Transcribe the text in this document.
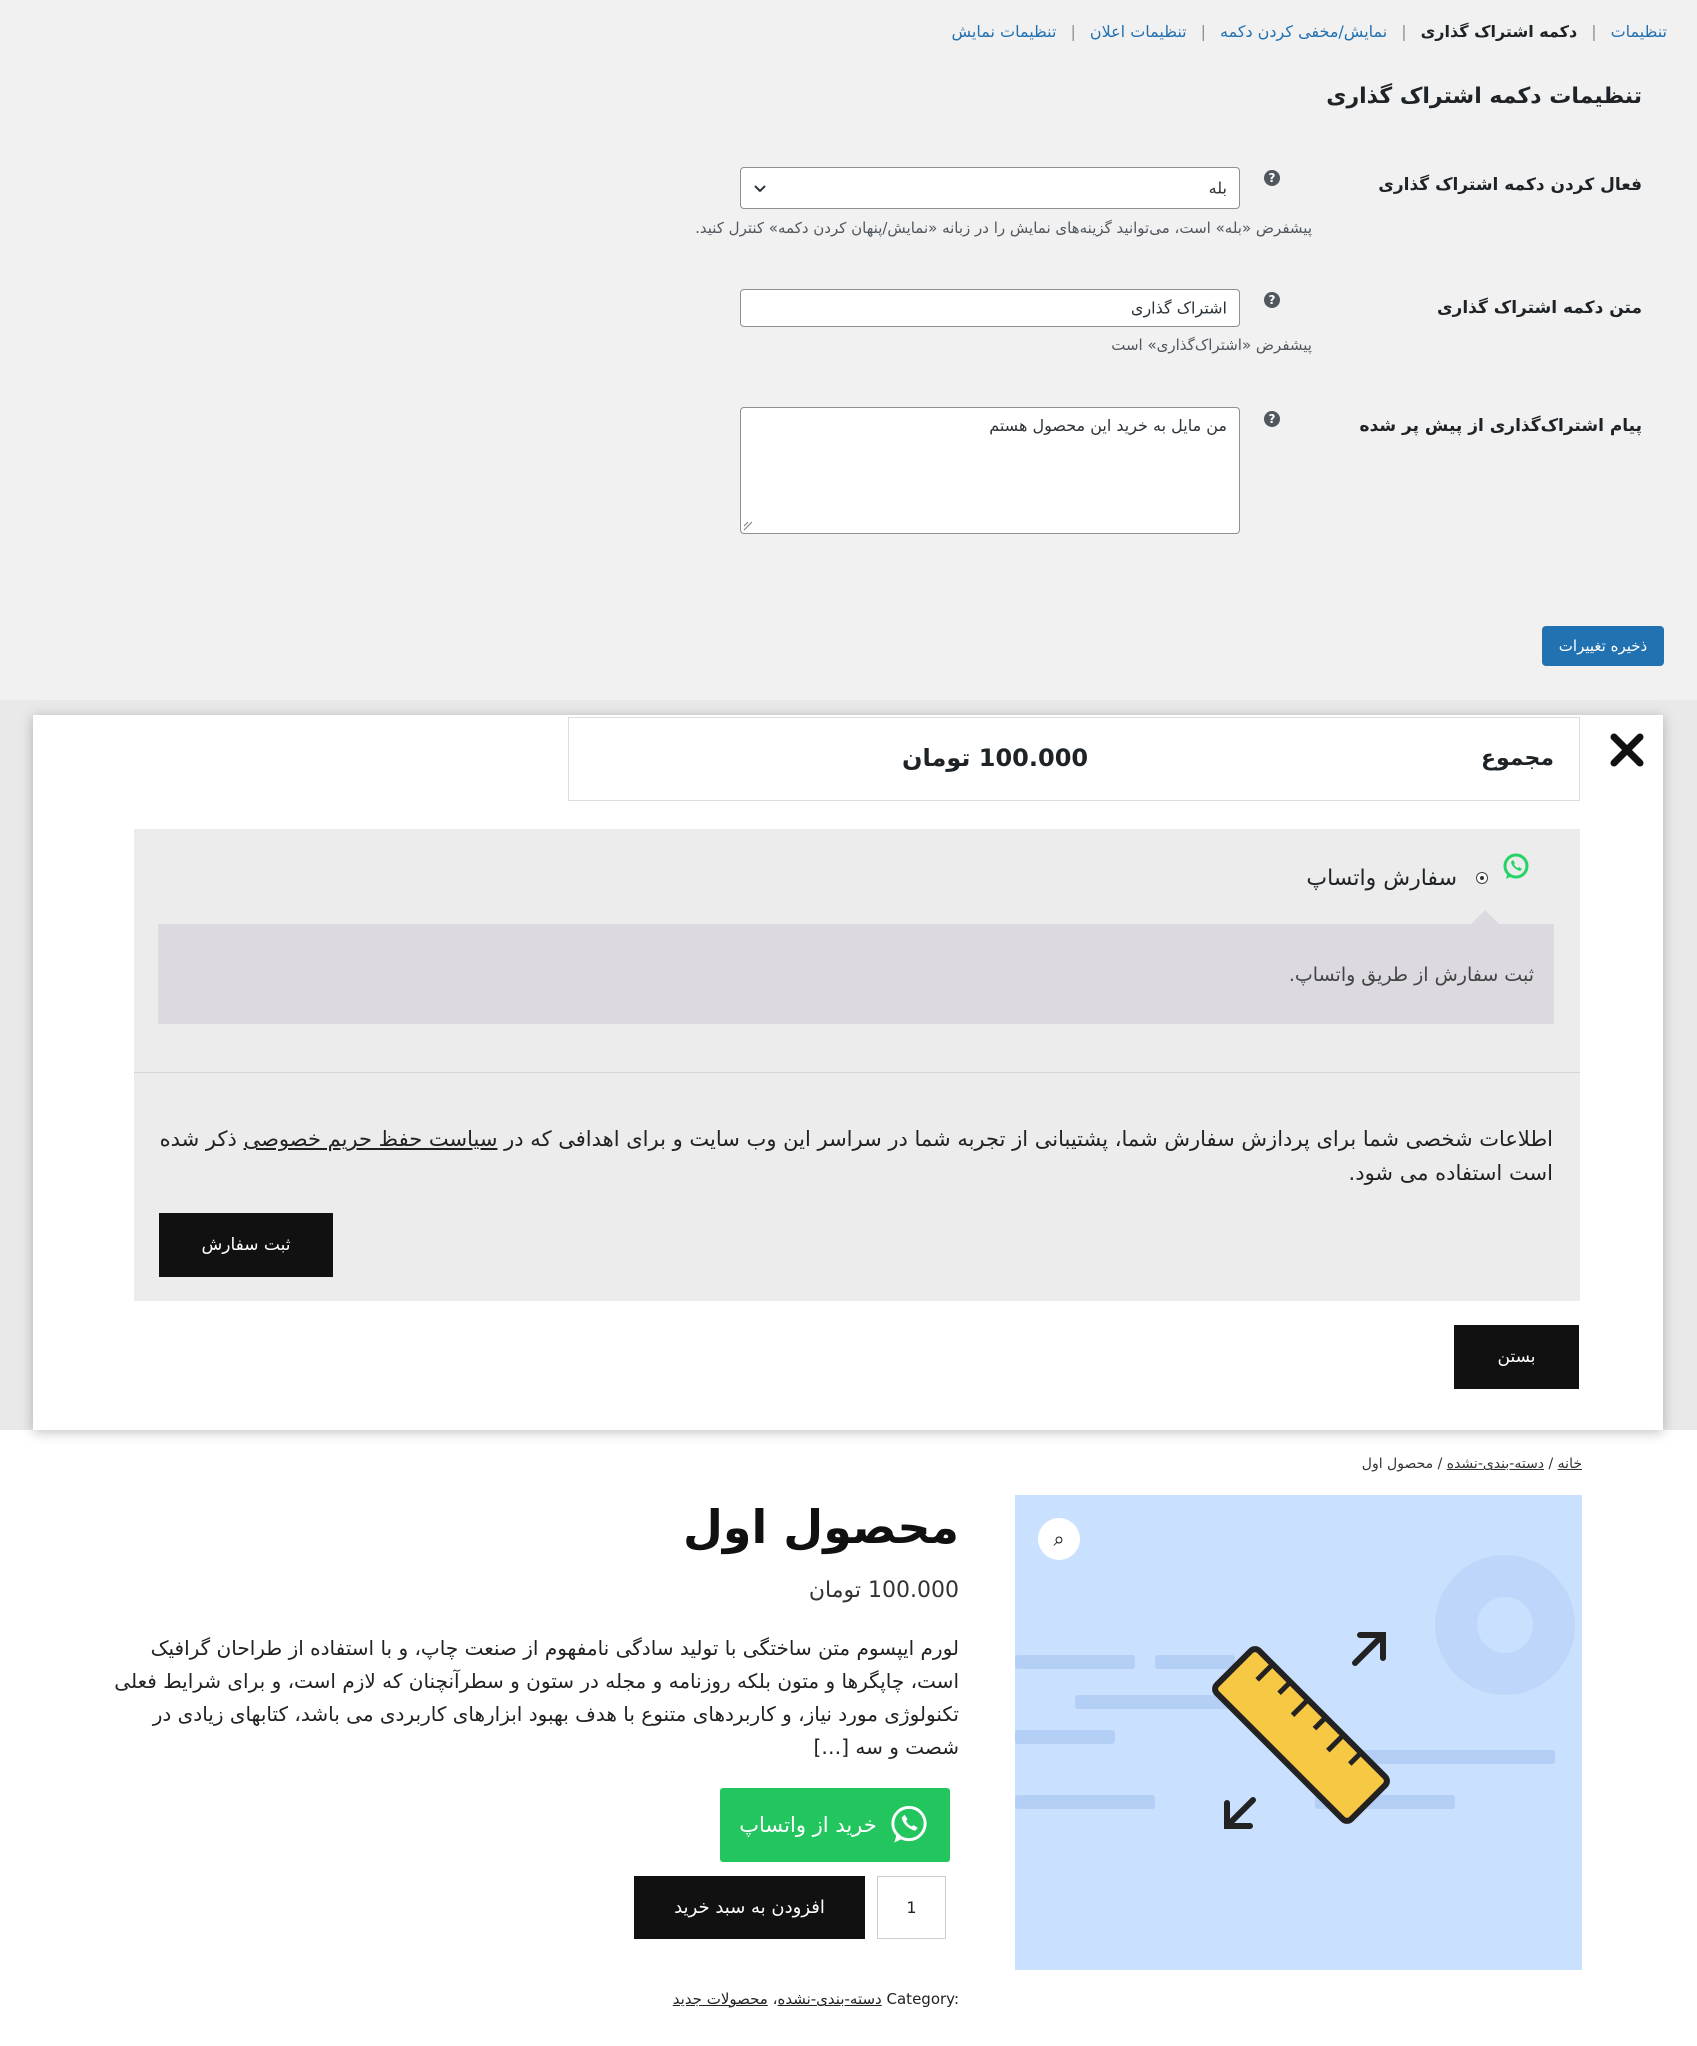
تنظیمات
|
دکمه اشتراک گذاری
|
نمایش/مخفی کردن دکمه
|
تنظیمات اعلان
|
تنظیمات نمایش
تنظیمات دکمه اشتراک گذاری
فعال کردن دکمه اشتراک گذاری
?
بله
پیشفرض «بله» است، می‌توانید گزینه‌های نمایش را در زبانه «نمایش/پنهان کردن دکمه» کنترل کنید.
متن دکمه اشتراک گذاری
?
اشتراک گذاری
پیشفرض «اشتراک‌گذاری» است
پیام اشتراک‌گذاری از پیش پر شده
?
من مایل به خرید این محصول هستم
ذخیره تغییرات
مجموع
100.000 تومان
سفارش واتساپ
ثبت سفارش از طریق واتساپ.
اطلاعات شخصی شما برای پردازش سفارش شما، پشتیبانی از تجربه شما در سراسر این وب سایت و برای اهدافی که در سیاست حفظ حریم خصوصی ذکر شده است استفاده می شود.
ثبت سفارش
بستن
خانه / دسته-بندی-نشده / محصول اول
⌕
محصول اول
100.000 تومان
لورم ایپسوم متن ساختگی با تولید سادگی نامفهوم از صنعت چاپ، و با استفاده از طراحان گرافیک است، چاپگرها و متون بلکه روزنامه و مجله در ستون و سطرآنچنان که لازم است، و برای شرایط فعلی تکنولوژی مورد نیاز، و کاربردهای متنوع با هدف بهبود ابزارهای کاربردی می باشد، کتابهای زیادی در شصت و سه […]
خرید از واتساپ
1
افزودن به سبد خرید
Category: دسته-بندی-نشده، محصولات جدید
